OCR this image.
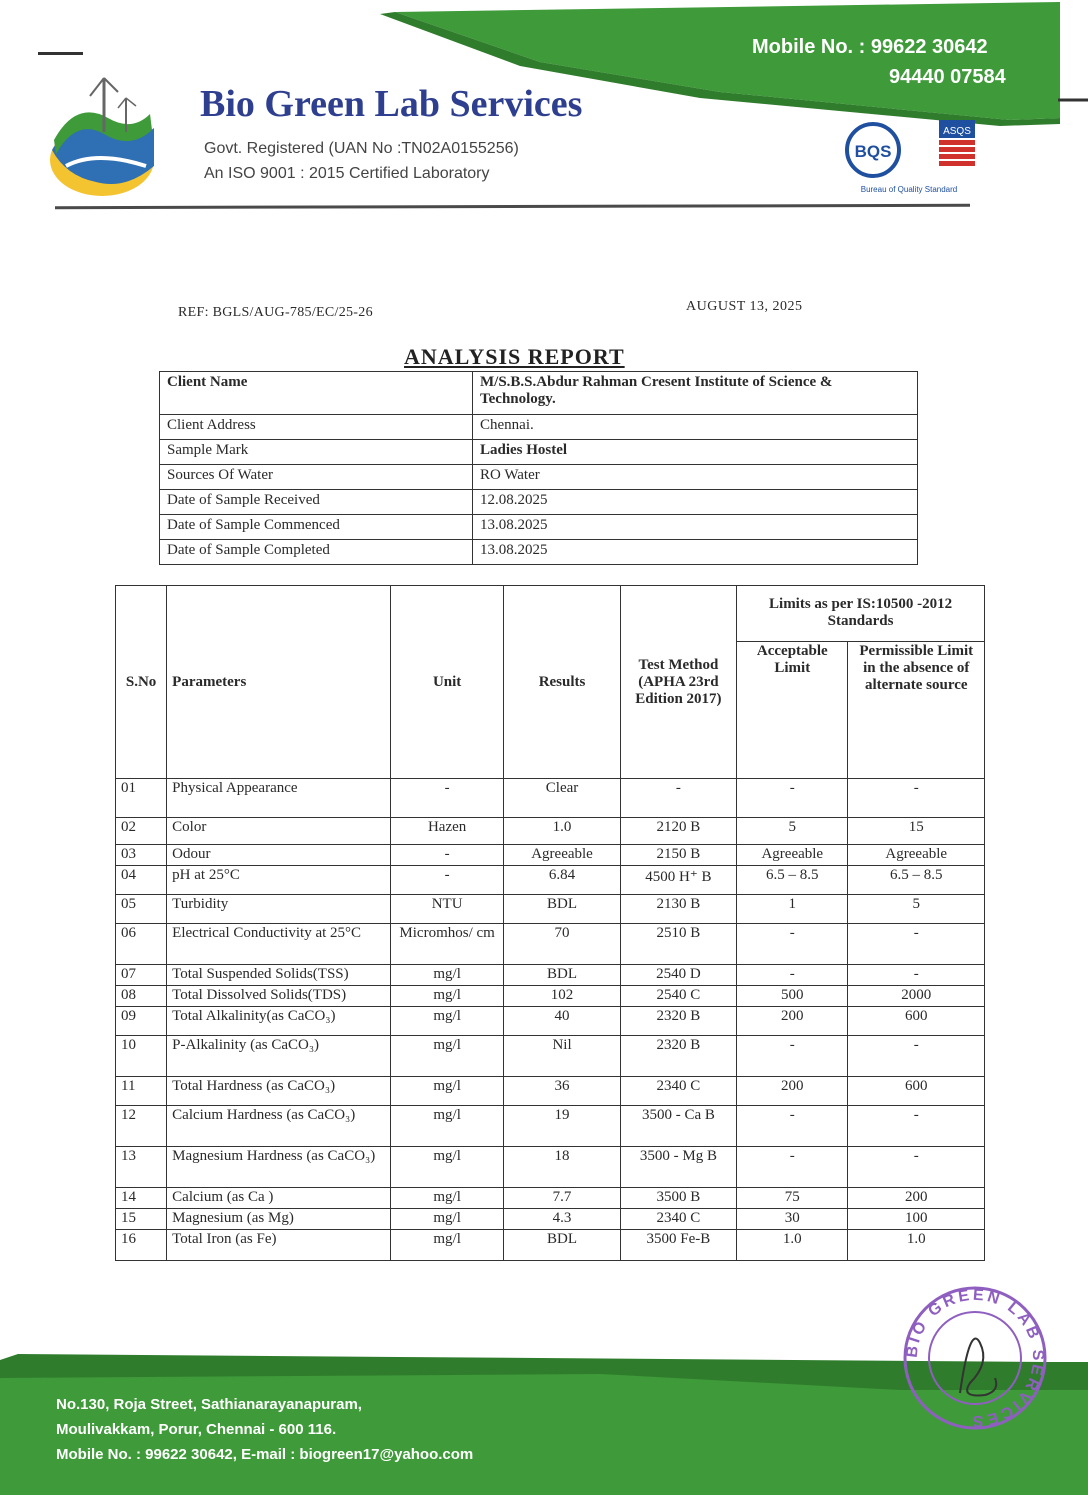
Mobile No. : 99622 30642
94440 07584
Bio Green Lab Services
Govt. Registered (UAN No :TN02A0155256)
An ISO 9001 : 2015 Certified Laboratory
BQS
ASQS
Bureau of Quality Standard
REF: BGLS/AUG-785/EC/25-26	AUGUST 13, 2025
ANALYSIS REPORT
Client Name	M/S.B.S.Abdur Rahman Cresent Institute of Science & Technology.
Client Address	Chennai.
Sample Mark	Ladies Hostel
Sources Of Water	RO Water
Date of Sample Received	12.08.2025
Date of Sample Commenced	13.08.2025
Date of Sample Completed	13.08.2025
S.No	Parameters	Unit	Results	Test Method (APHA 23rd Edition 2017)	Limits as per IS:10500 -2012 Standards	
					Acceptable Limit	Permissible Limit in the absence of alternate source
01	Physical Appearance	-	Clear	-	-	-
02	Color	Hazen	1.0	2120 B	5	15
03	Odour	-	Agreeable	2150 B	Agreeable	Agreeable
04	pH at 25°C	-	6.84	4500 H⁺ B	6.5 – 8.5	6.5 – 8.5
05	Turbidity	NTU	BDL	2130 B	1	5
06	Electrical Conductivity at 25°C	Micromhos/ cm	70	2510 B	-	-
07	Total Suspended Solids(TSS)	mg/l	BDL	2540 D	-	-
08	Total Dissolved Solids(TDS)	mg/l	102	2540 C	500	2000
09	Total Alkalinity(as CaCO₃)	mg/l	40	2320 B	200	600
10	P-Alkalinity (as CaCO₃)	mg/l	Nil	2320 B	-	-
11	Total Hardness (as CaCO₃)	mg/l	36	2340 C	200	600
12	Calcium Hardness (as CaCO₃)	mg/l	19	3500 - Ca B	-	-
13	Magnesium Hardness (as CaCO₃)	mg/l	18	3500 - Mg B	-	-
14	Calcium (as Ca )	mg/l	7.7	3500 B	75	200
15	Magnesium (as Mg)	mg/l	4.3	2340 C	30	100
16	Total Iron (as Fe)	mg/l	BDL	3500 Fe-B	1.0	1.0
No.130, Roja Street, Sathianarayanapuram,
Moulivakkam, Porur, Chennai - 600 116.
Mobile No. : 99622 30642, E-mail : biogreen17@yahoo.com
BIO GREEN LAB SERVICES
